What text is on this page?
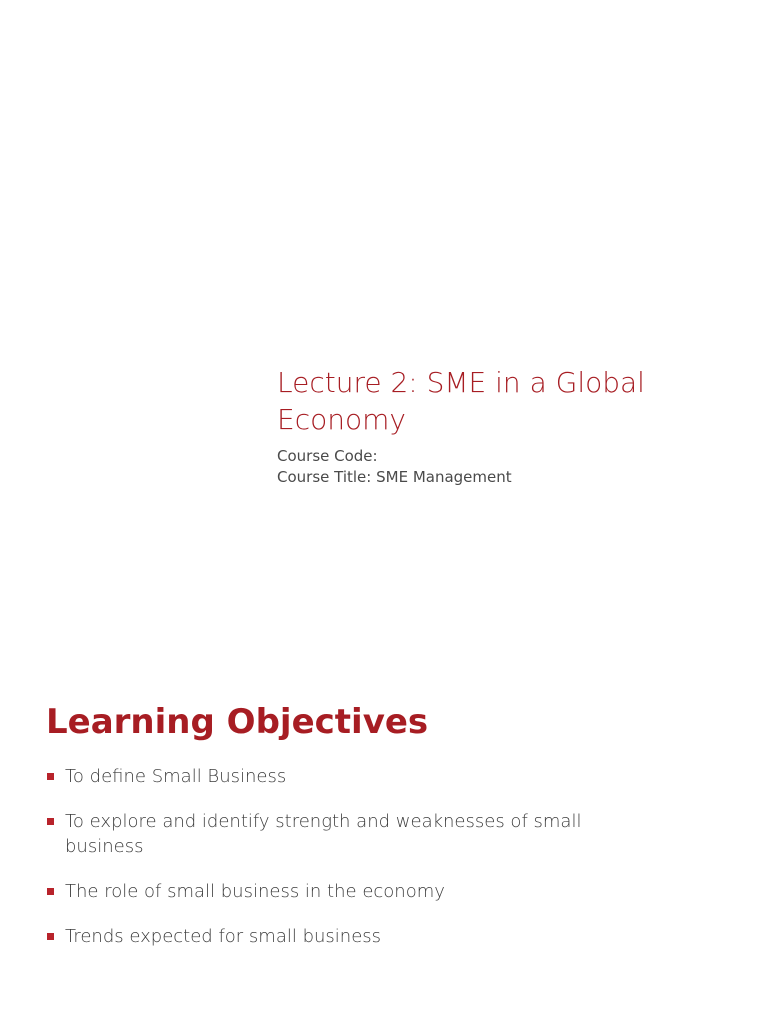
Lecture 2: SME in a Global Economy
Course Code:
Course Title: SME Management
Learning Objectives
To define Small Business
To explore and identify strength and weaknesses of small business
The role of small business in the economy
Trends expected for small business
